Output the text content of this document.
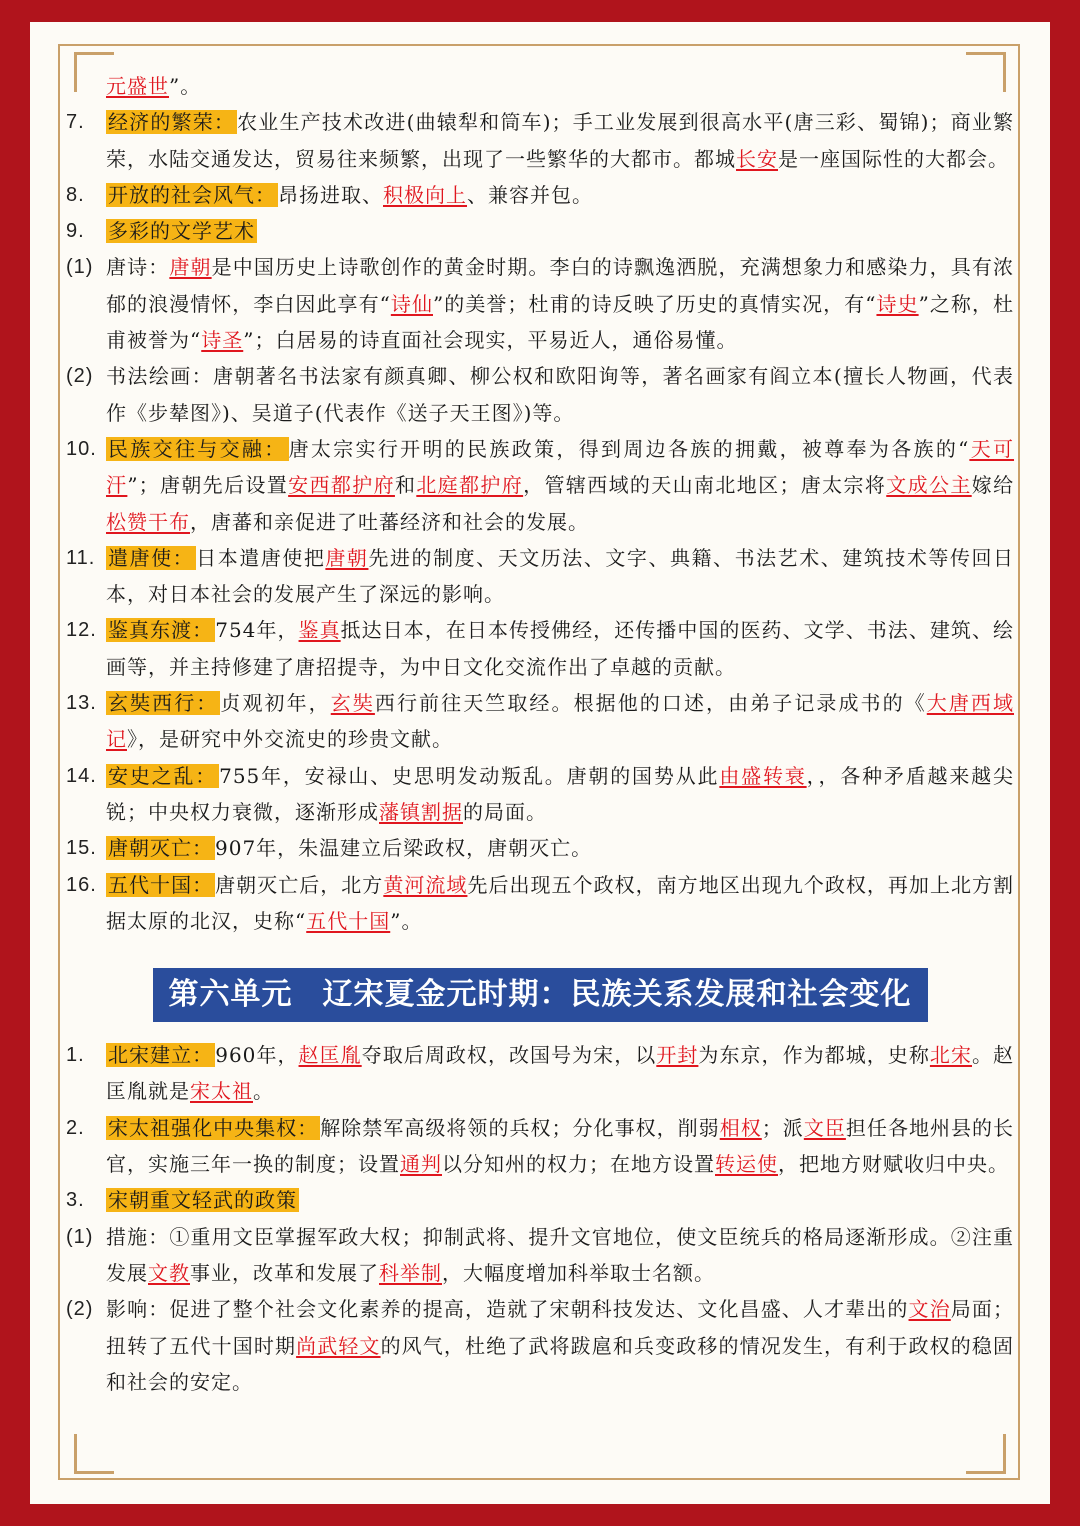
元盛世”。
7. 经济的繁荣： 农业生产技术改进(曲辕犁和筒车)；手工业发展到很高水平(唐三彩、蜀锦)；商业繁荣，水陆交通发达，贸易往来频繁，出现了一些繁华的大都市。都城长安是一座国际性的大都会。
8. 开放的社会风气： 昂扬进取、积极向上、兼容并包。
9. 多彩的文学艺术
(1) 唐诗：唐朝是中国历史上诗歌创作的黄金时期。李白的诗飘逸洒脱，充满想象力和感染力，具有浓郁的浪漫情怀，李白因此享有“诗仙”的美誉；杜甫的诗反映了历史的真情实况，有“诗史”之称，杜甫被誉为“诗圣”；白居易的诗直面社会现实，平易近人，通俗易懂。
(2) 书法绘画：唐朝著名书法家有颜真卿、柳公权和欧阳询等，著名画家有阎立本(擅长人物画，代表作《步辇图》)、吴道子(代表作《送子天王图》)等。
10. 民族交往与交融： 唐太宗实行开明的民族政策，得到周边各族的拥戴，被尊奉为各族的“天可汗”；唐朝先后设置安西都护府和北庭都护府，管辖西域的天山南北地区；唐太宗将文成公主嫁给松赞干布，唐蕃和亲促进了吐蕃经济和社会的发展。
11. 遣唐使： 日本遣唐使把唐朝先进的制度、天文历法、文字、典籍、书法艺术、建筑技术等传回日本，对日本社会的发展产生了深远的影响。
12. 鉴真东渡： 754年，鉴真抵达日本，在日本传授佛经，还传播中国的医药、文学、书法、建筑、绘画等，并主持修建了唐招提寺，为中日文化交流作出了卓越的贡献。
13. 玄奘西行： 贞观初年，玄奘西行前往天竺取经。根据他的口述，由弟子记录成书的《大唐西域记》，是研究中外交流史的珍贵文献。
14. 安史之乱： 755年，安禄山、史思明发动叛乱。唐朝的国势从此由盛转衰，，各种矛盾越来越尖锐；中央权力衰微，逐渐形成藩镇割据的局面。
15. 唐朝灭亡： 907年，朱温建立后梁政权，唐朝灭亡。
16. 五代十国： 唐朝灭亡后，北方黄河流域先后出现五个政权，南方地区出现九个政权，再加上北方割据太原的北汉，史称“五代十国”。
第六单元 辽宋夏金元时期：民族关系发展和社会变化
1. 北宋建立： 960年，赵匡胤夺取后周政权，改国号为宋，以开封为东京，作为都城，史称北宋。赵匡胤就是宋太祖。
2. 宋太祖强化中央集权： 解除禁军高级将领的兵权；分化事权，削弱相权；派文臣担任各地州县的长官，实施三年一换的制度；设置通判以分知州的权力；在地方设置转运使，把地方财赋收归中央。
3. 宋朝重文轻武的政策
(1) 措施：①重用文臣掌握军政大权；抑制武将、提升文官地位，使文臣统兵的格局逐渐形成。②注重发展文教事业，改革和发展了科举制，大幅度增加科举取士名额。
(2) 影响：促进了整个社会文化素养的提高，造就了宋朝科技发达、文化昌盛、人才辈出的文治局面；扭转了五代十国时期尚武轻文的风气，杜绝了武将跋扈和兵变政移的情况发生，有利于政权的稳固和社会的安定。
